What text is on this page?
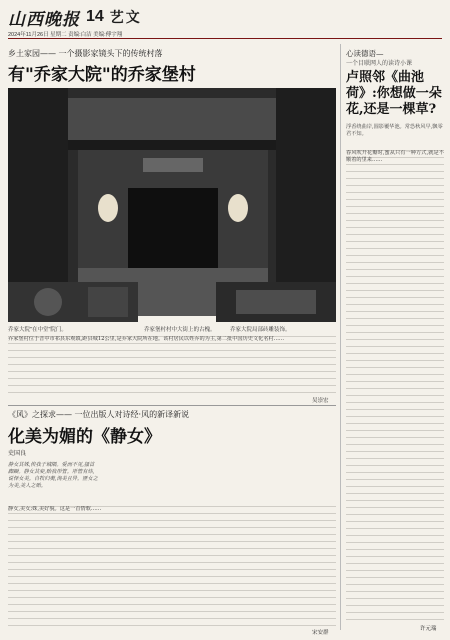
山西晚报 14 艺文
2024年11月26日 星期二 责编:白洁 美编:傅宇翔
乡土家园—— 一个摄影家镜头下的传统村落
有"乔家大院"的乔家堡村
乔家大院"在中堂"院门。	乔家堡村村中大街上的古槐。	乔家大院局部砖雕装饰。
乔家堡村位于晋中市祁县东观镇,距县城12公里,是乔家大院所在地。该村居民以姓乔的为主,第二批中国历史文化名村……
吴崇宏
《风》之探求—— 一位出版人对诗经·风的新译新说
化美为媚的《静女》
史国良
静女其姝,俟我于城隅。爱而不见,搔首踟蹰。静女其娈,贻我彤管。彤管有炜,说怿女美。自牧归荑,洵美且异。匪女之为美,美人之贻。
静女,美女;姝,美好貌。这是一首情歌……
宋安群
心读德语—
一个目联网人的读诗小课
卢照邻《曲池荷》:你想做一朵花,还是一棵草?
浮香绕曲岸,圆影覆华池。常恐秋风早,飘零君不知。
春风吹开花瓣时,蜜从只有一种方式,就是不顺着的里来……
许元瑞
